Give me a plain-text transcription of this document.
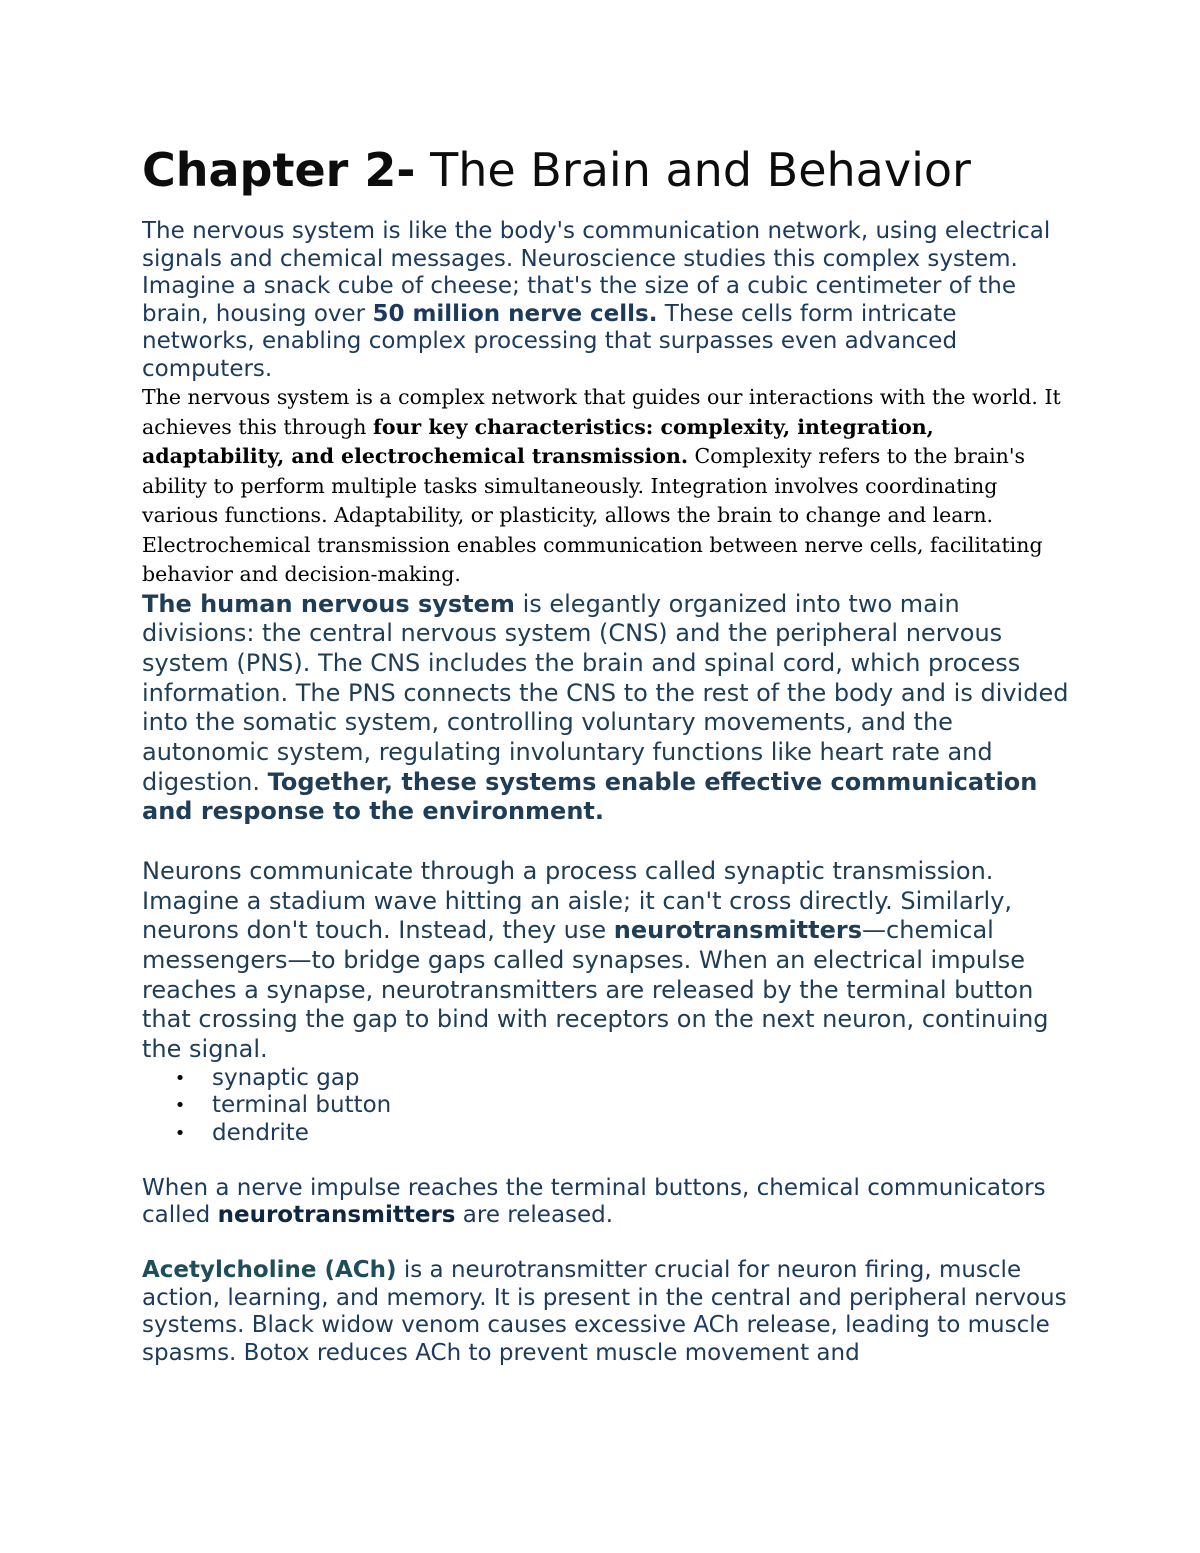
Chapter 2- The Brain and Behavior

The nervous system is like the body's communication network, using electrical signals and chemical messages. Neuroscience studies this complex system. Imagine a snack cube of cheese; that's the size of a cubic centimeter of the brain, housing over 50 million nerve cells. These cells form intricate networks, enabling complex processing that surpasses even advanced computers.

The nervous system is a complex network that guides our interactions with the world. It achieves this through four key characteristics: complexity, integration, adaptability, and electrochemical transmission. Complexity refers to the brain's ability to perform multiple tasks simultaneously. Integration involves coordinating various functions. Adaptability, or plasticity, allows the brain to change and learn. Electrochemical transmission enables communication between nerve cells, facilitating behavior and decision-making.

The human nervous system is elegantly organized into two main divisions: the central nervous system (CNS) and the peripheral nervous system (PNS). The CNS includes the brain and spinal cord, which process information. The PNS connects the CNS to the rest of the body and is divided into the somatic system, controlling voluntary movements, and the autonomic system, regulating involuntary functions like heart rate and digestion. Together, these systems enable effective communication and response to the environment.

Neurons communicate through a process called synaptic transmission. Imagine a stadium wave hitting an aisle; it can't cross directly. Similarly, neurons don't touch. Instead, they use neurotransmitters—chemical messengers—to bridge gaps called synapses. When an electrical impulse reaches a synapse, neurotransmitters are released by the terminal button that crossing the gap to bind with receptors on the next neuron, continuing the signal.

• synaptic gap
• terminal button
• dendrite

When a nerve impulse reaches the terminal buttons, chemical communicators called neurotransmitters are released.

Acetylcholine (ACh) is a neurotransmitter crucial for neuron firing, muscle action, learning, and memory. It is present in the central and peripheral nervous systems. Black widow venom causes excessive ACh release, leading to muscle spasms. Botox reduces ACh to prevent muscle movement and
